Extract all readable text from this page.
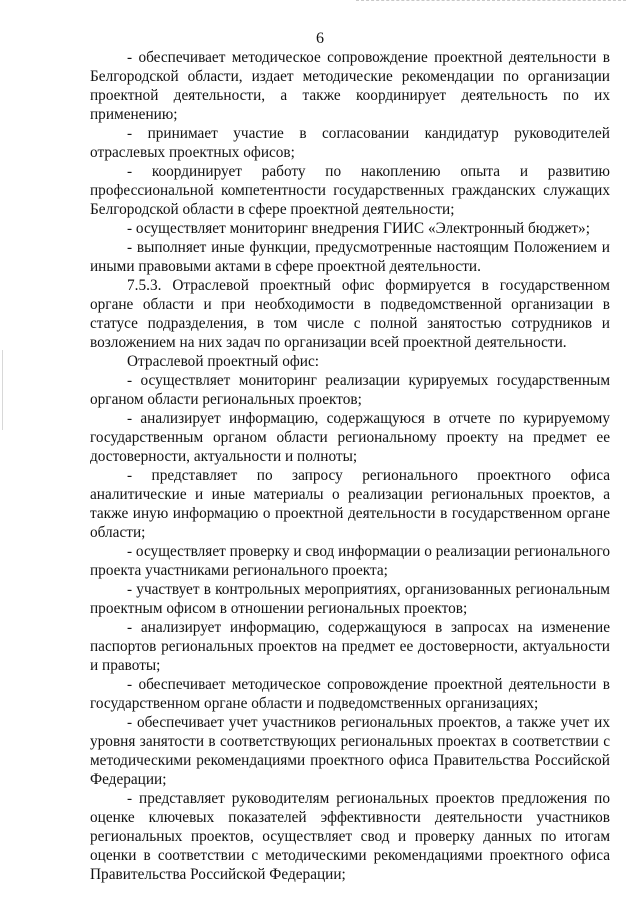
6

- обеспечивает методическое сопровождение проектной деятельности в Белгородской области, издает методические рекомендации по организации проектной деятельности, а также координирует деятельность по их применению;

- принимает участие в согласовании кандидатур руководителей отраслевых проектных офисов;

- координирует работу по накоплению опыта и развитию профессиональной компетентности государственных гражданских служащих Белгородской области в сфере проектной деятельности;

- осуществляет мониторинг внедрения ГИИС «Электронный бюджет»;

- выполняет иные функции, предусмотренные настоящим Положением и иными правовыми актами в сфере проектной деятельности.

7.5.3. Отраслевой проектный офис формируется в государственном органе области и при необходимости в подведомственной организации в статусе подразделения, в том числе с полной занятостью сотрудников и возложением на них задач по организации всей проектной деятельности.

Отраслевой проектный офис:

- осуществляет мониторинг реализации курируемых государственным органом области региональных проектов;

- анализирует информацию, содержащуюся в отчете по курируемому государственным органом области региональному проекту на предмет ее достоверности, актуальности и полноты;

- представляет по запросу регионального проектного офиса аналитические и иные материалы о реализации региональных проектов, а также иную информацию о проектной деятельности в государственном органе области;

- осуществляет проверку и свод информации о реализации регионального проекта участниками регионального проекта;

- участвует в контрольных мероприятиях, организованных региональным проектным офисом в отношении региональных проектов;

- анализирует информацию, содержащуюся в запросах на изменение паспортов региональных проектов на предмет ее достоверности, актуальности и правоты;

- обеспечивает методическое сопровождение проектной деятельности в государственном органе области и подведомственных организациях;

- обеспечивает учет участников региональных проектов, а также учет их уровня занятости в соответствующих региональных проектах в соответствии с методическими рекомендациями проектного офиса Правительства Российской Федерации;

- представляет руководителям региональных проектов предложения по оценке ключевых показателей эффективности деятельности участников региональных проектов, осуществляет свод и проверку данных по итогам оценки в соответствии с методическими рекомендациями проектного офиса Правительства Российской Федерации;
